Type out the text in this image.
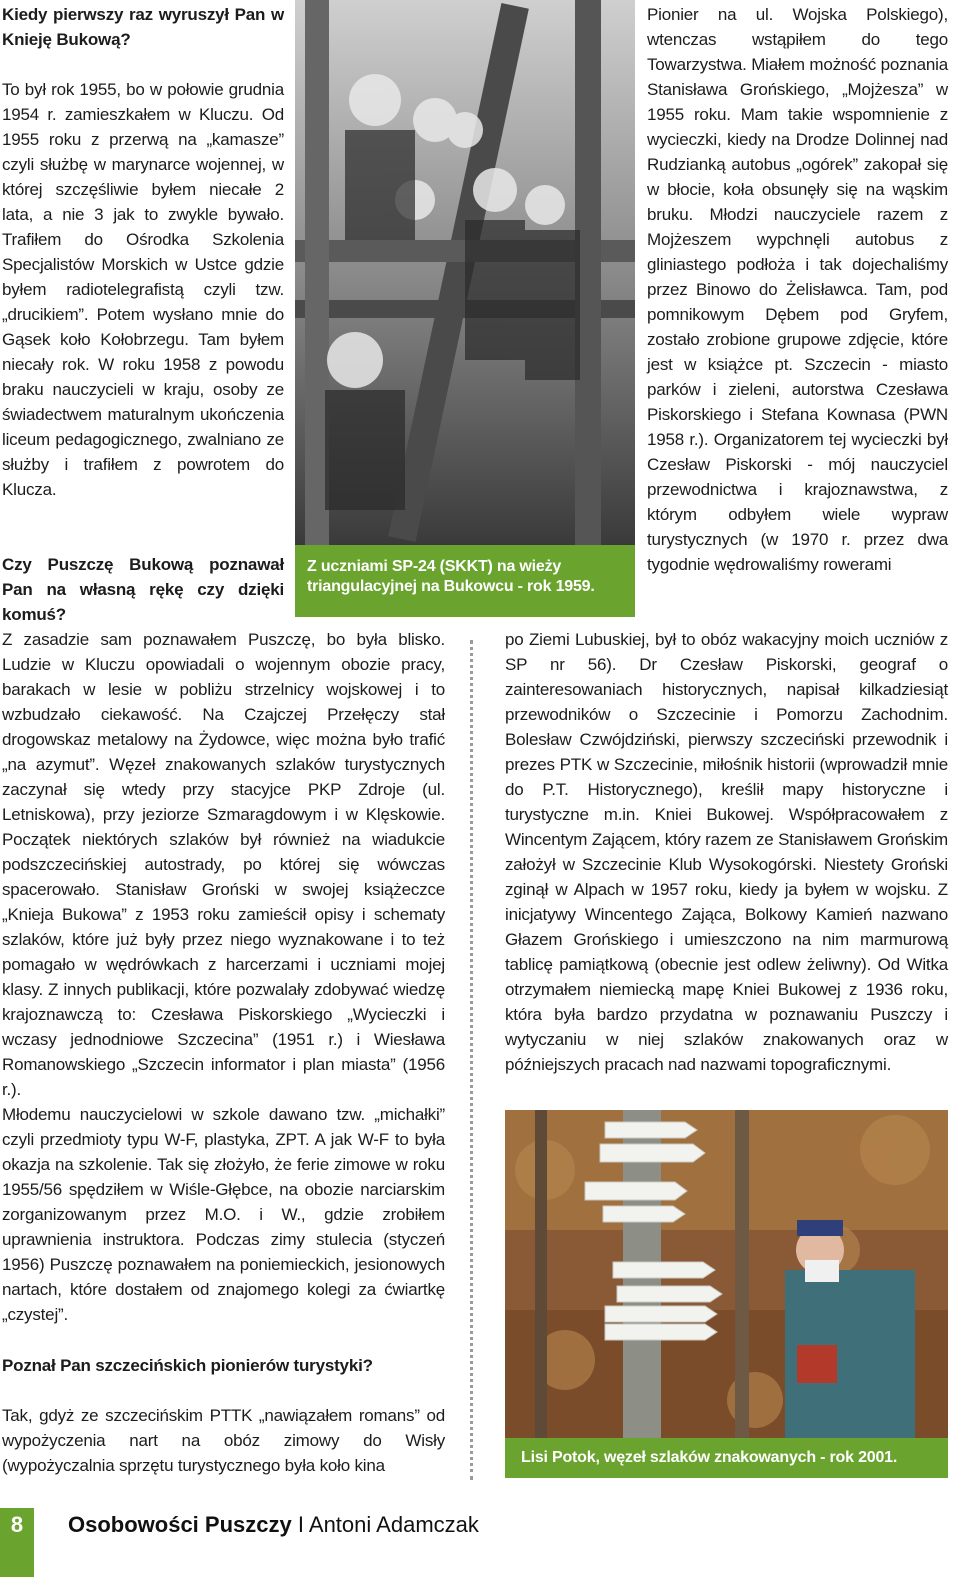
Kiedy pierwszy raz wyruszył Pan w Knieję Bukową?

To był rok 1955, bo w połowie grudnia 1954 r. zamieszkałem w Kluczu. Od 1955 roku z przerwą na „kamasze” czyli służbę w marynarce wojennej, w której szczęśliwie byłem niecałe 2 lata, a nie 3 jak to zwykle bywało. Trafiłem do Ośrodka Szkolenia Specjalistów Morskich w Ustce gdzie byłem radiotelegrafistą czyli tzw. „drucikiem”. Potem wysłano mnie do Gąsek koło Kołobrzegu. Tam byłem niecały rok. W roku 1958 z powodu braku nauczycieli w kraju, osoby ze świadectwem maturalnym ukończenia liceum pedagogicznego, zwalniano ze służby i trafiłem z powrotem do Klucza.

Czy Puszczę Bukową poznawał Pan na własną rękę czy dzięki komuś?

Z uczniami SP-24 (SKKT) na wieży triangulacyjnej na Bukowcu - rok 1959.

Pionier na ul. Wojska Polskiego), wtenczas wstąpiłem do tego Towarzystwa. Miałem możność poznania Stanisława Grońskiego, „Mojżesza” w 1955 roku. Mam takie wspomnienie z wycieczki, kiedy na Drodze Dolinnej nad Rudzianką autobus „ogórek” zakopał się w błocie, koła obsunęły się na wąskim bruku. Młodzi nauczyciele razem z Mojżeszem wypchnęli autobus z gliniastego podłoża i tak dojechaliśmy przez Binowo do Żelisławca. Tam, pod pomnikowym Dębem pod Gryfem, zostało zrobione grupowe zdjęcie, które jest w książce pt. Szczecin - miasto parków i zieleni, autorstwa Czesława Piskorskiego i Stefana Kownasa (PWN 1958 r.). Organizatorem tej wycieczki był Czesław Piskorski - mój nauczyciel przewodnictwa i krajoznawstwa, z którym odbyłem wiele wypraw turystycznych (w 1970 r. przez dwa tygodnie wędrowaliśmy rowerami

Z zasadzie sam poznawałem Puszczę, bo była blisko. Ludzie w Kluczu opowiadali o wojennym obozie pracy, barakach w lesie w pobliżu strzelnicy wojskowej i to wzbudzało ciekawość. Na Czajczej Przełęczy stał drogowskaz metalowy na Żydowce, więc można było trafić „na azymut”. Węzeł znakowanych szlaków turystycznych zaczynał się wtedy przy stacyjce PKP Zdroje (ul. Letniskowa), przy jeziorze Szmaragdowym i w Klęskowie. Początek niektórych szlaków był również na wiadukcie podszczecińskiej autostrady, po której się wówczas spacerowało. Stanisław Groński w swojej książeczce „Knieja Bukowa” z 1953 roku zamieścił opisy i schematy szlaków, które już były przez niego wyznakowane i to też pomagało w wędrówkach z harcerzami i uczniami mojej klasy. Z innych publikacji, które pozwalały zdobywać wiedzę krajoznawczą to: Czesława Piskorskiego „Wycieczki i wczasy jednodniowe Szczecina” (1951 r.) i Wiesława Romanowskiego „Szczecin informator i plan miasta” (1956 r.).

Młodemu nauczycielowi w szkole dawano tzw. „michałki” czyli przedmioty typu W-F, plastyka, ZPT. A jak W-F to była okazja na szkolenie. Tak się złożyło, że ferie zimowe w roku 1955/56 spędziłem w Wiśle-Głębce, na obozie narciarskim zorganizowanym przez M.O. i W., gdzie zrobiłem uprawnienia instruktora. Podczas zimy stulecia (styczeń 1956) Puszczę poznawałem na poniemieckich, jesionowych nartach, które dostałem od znajomego kolegi za ćwiartkę „czystej”.

Poznał Pan szczecińskich pionierów turystyki?

Tak, gdyż ze szczecińskim PTTK „nawiązałem romans” od wypożyczenia nart na obóz zimowy do Wisły (wypożyczalnia sprzętu turystycznego była koło kina

po Ziemi Lubuskiej, był to obóz wakacyjny moich uczniów z SP nr 56). Dr Czesław Piskorski, geograf o zainteresowaniach historycznych, napisał kilkadziesiąt przewodników o Szczecinie i Pomorzu Zachodnim. Bolesław Czwójdziński, pierwszy szczeciński przewodnik i prezes PTK w Szczecinie, miłośnik historii (wprowadził mnie do P.T. Historycznego), kreślił mapy historyczne i turystyczne m.in. Kniei Bukowej. Współpracowałem z Wincentym Zającem, który razem ze Stanisławem Grońskim założył w Szczecinie Klub Wysokogórski. Niestety Groński zginął w Alpach w 1957 roku, kiedy ja byłem w wojsku. Z inicjatywy Wincentego Zająca, Bolkowy Kamień nazwano Głazem Grońskiego i umieszczono na nim marmurową tablicę pamiątkową (obecnie jest odlew żeliwny). Od Witka otrzymałem niemiecką mapę Kniei Bukowej z 1936 roku, która była bardzo przydatna w poznawaniu Puszczy i wytyczaniu w niej szlaków znakowanych oraz w późniejszych pracach nad nazwami topograficznymi.

Lisi Potok, węzeł szlaków znakowanych - rok 2001.
8	Osobowości Puszczy I Antoni Adamczak
